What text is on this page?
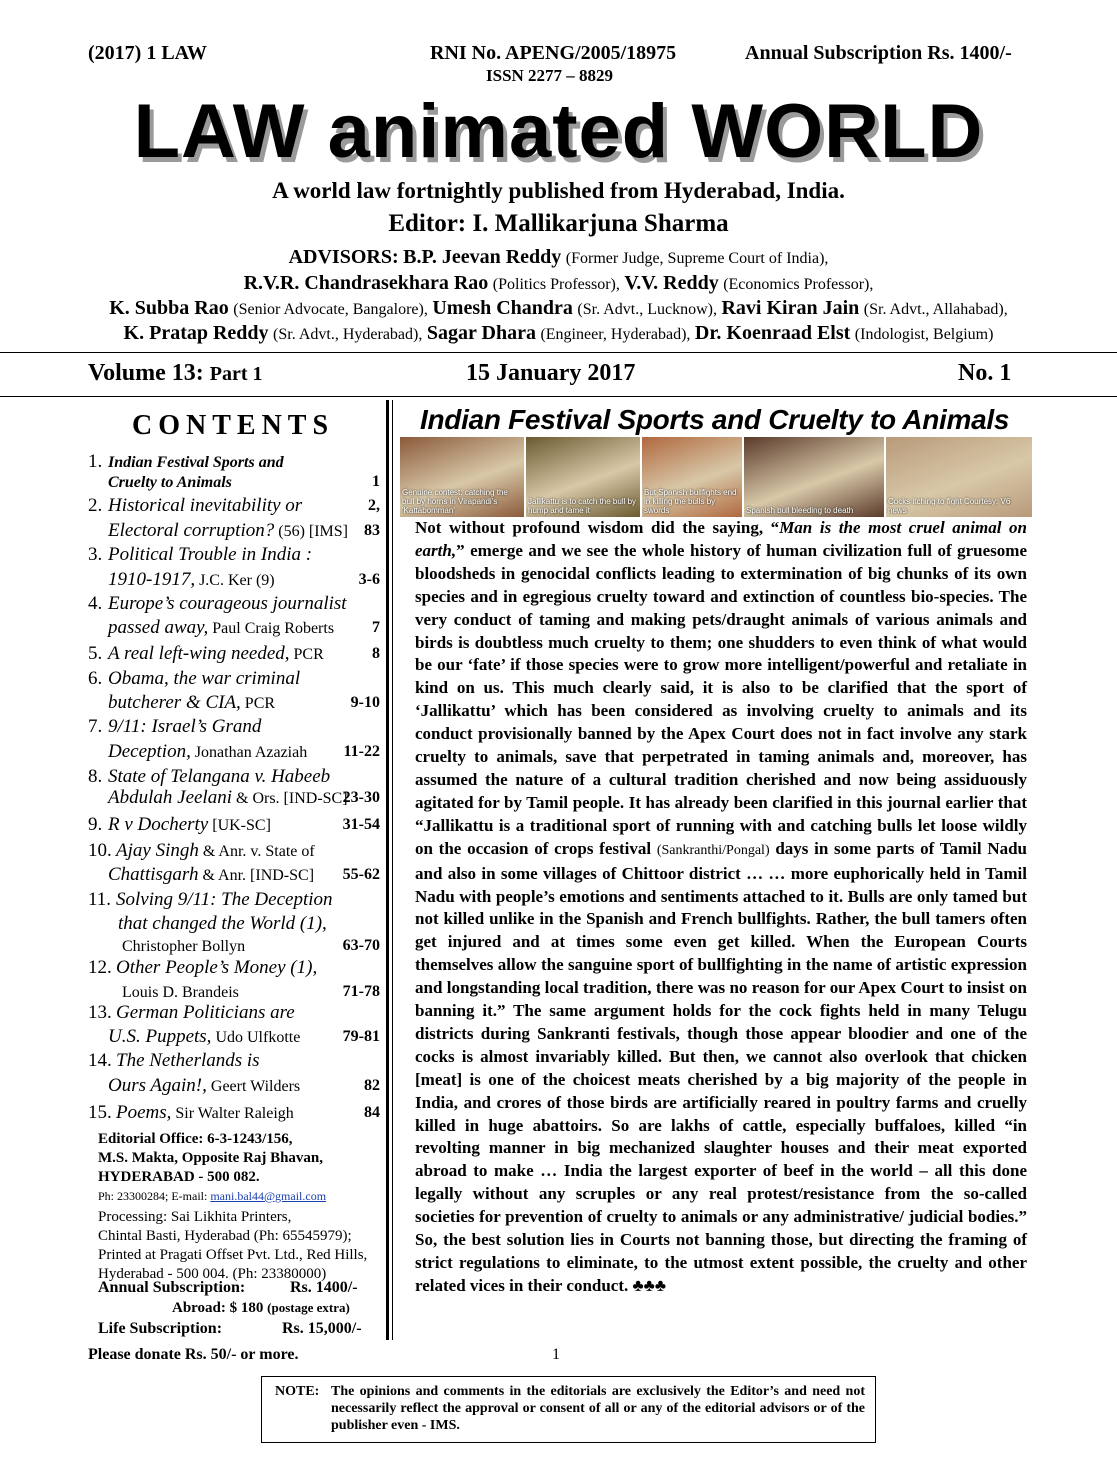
(2017) 1 LAW	RNI No. APENG/2005/18975	Annual Subscription Rs. 1400/-
ISSN 2277 – 8829
LAW animated WORLD
A world law fortnightly published from Hyderabad, India.
Editor: I. Mallikarjuna Sharma
ADVISORS: B.P. Jeevan Reddy (Former Judge, Supreme Court of India),
R.V.R. Chandrasekhara Rao (Politics Professor), V.V. Reddy (Economics Professor),
K. Subba Rao (Senior Advocate, Bangalore), Umesh Chandra (Sr. Advt., Lucknow), Ravi Kiran Jain (Sr. Advt., Allahabad),
K. Pratap Reddy (Sr. Advt., Hyderabad), Sagar Dhara (Engineer, Hyderabad), Dr. Koenraad Elst (Indologist, Belgium)
Volume 13: Part 1	15 January 2017	No. 1
CONTENTS
1. Indian Festival Sports and
Cruelty to Animals	1
2. Historical inevitability or	2,
Electoral corruption? (56) [IMS] 83
3. Political Trouble in India :
1910-1917, J.C. Ker (9)	3-6
4. Europe’s courageous journalist
passed away, Paul Craig Roberts 7
5. A real left-wing needed, PCR	8
6. Obama, the war criminal
butcherer & CIA, PCR	9-10
7. 9/11: Israel’s Grand
Deception, Jonathan Azaziah 11-22
8. State of Telangana v. Habeeb
Abdulah Jeelani & Ors. [IND-SC]
23-30
9. R v Docherty [UK-SC]	31-54
10. Ajay Singh & Anr. v. State of
Chattisgarh & Anr. [IND-SC] 55-62
11. Solving 9/11: The Deception
that changed the World (1),
Christopher Bollyn	63-70
12. Other People’s Money (1),
Louis D. Brandeis	71-78
13. German Politicians are
U.S. Puppets, Udo Ulfkotte	79-81
14. The Netherlands is
Ours Again!, Geert Wilders	82
15. Poems, Sir Walter Raleigh	84
Editorial Office: 6-3-1243/156,
M.S. Makta, Opposite Raj Bhavan,
HYDERABAD - 500 082.
Ph: 23300284; E-mail: mani.bal44@gmail.com
Processing: Sai Likhita Printers,
Chintal Basti, Hyderabad (Ph: 65545979);
Printed at Pragati Offset Pvt. Ltd., Red Hills,
Hyderabad - 500 004. (Ph: 23380000)
Annual Subscription:	Rs. 1400/-
Abroad: $ 180 (postage extra)
Life Subscription:	Rs. 15,000/-
Please donate Rs. 50/- or more.
Indian Festival Sports and Cruelty to Animals
Genuine contest: catching the bull by horns in Virapandi’s 'Kattabomman'
Jallikattu is to catch the bull by hump and tame it
But Spanish bullfights end in killing the bulls by swords	Spanish bull bleeding to death
Cocks itching to fight Courtesy: V6 news
Not without profound wisdom did the saying, “Man is the most cruel animal on earth,” emerge and we see the whole history of human civilization full of gruesome bloodsheds in genocidal conflicts leading to extermination of big chunks of its own species and in egregious cruelty toward and extinction of countless bio-species. The very conduct of taming and making pets/draught animals of various animals and birds is doubtless much cruelty to them; one shudders to even think of what would be our ‘fate’ if those species were to grow more intelligent/powerful and retaliate in kind on us. This much clearly said, it is also to be clarified that the sport of ‘Jallikattu’ which has been considered as involving cruelty to animals and its conduct provisionally banned by the Apex Court does not in fact involve any stark cruelty to animals, save that perpetrated in taming animals and, moreover, has assumed the nature of a cultural tradition cherished and now being assiduously agitated for by Tamil people. It has already been clarified in this journal earlier that “Jallikattu is a traditional sport of running with and catching bulls let loose wildly on the occasion of crops festival (Sankranthi/Pongal) days in some parts of Tamil Nadu and also in some villages of Chittoor district … … more euphorically held in Tamil Nadu with people’s emotions and sentiments attached to it. Bulls are only tamed but not killed unlike in the Spanish and French bullfights. Rather, the bull tamers often get injured and at times some even get killed. When the European Courts themselves allow the sanguine sport of bullfighting in the name of artistic expression and longstanding local tradition, there was no reason for our Apex Court to insist on banning it.” The same argument holds for the cock fights held in many Telugu districts during Sankranti festivals, though those appear bloodier and one of the cocks is almost invariably killed. But then, we cannot also overlook that chicken [meat] is one of the choicest meats cherished by a big majority of the people in India, and crores of those birds are artificially reared in poultry farms and cruelly killed in huge abattoirs. So are lakhs of cattle, especially buffaloes, killed “in revolting manner in big mechanized slaughter houses and their meat exported abroad to make … India the largest exporter of beef in the world – all this done legally without any scruples or any real protest/resistance from the so-called societies for prevention of cruelty to animals or any administrative/ judicial bodies.” So, the best solution lies in Courts not banning those, but directing the framing of strict regulations to eliminate, to the utmost extent possible, the cruelty and other related vices in their conduct. ♣♣♣
1
NOTE: The opinions and comments in the editorials are exclusively the Editor’s and need not necessarily reflect the approval or consent of all or any of the editorial advisors or of the publisher even - IMS.
